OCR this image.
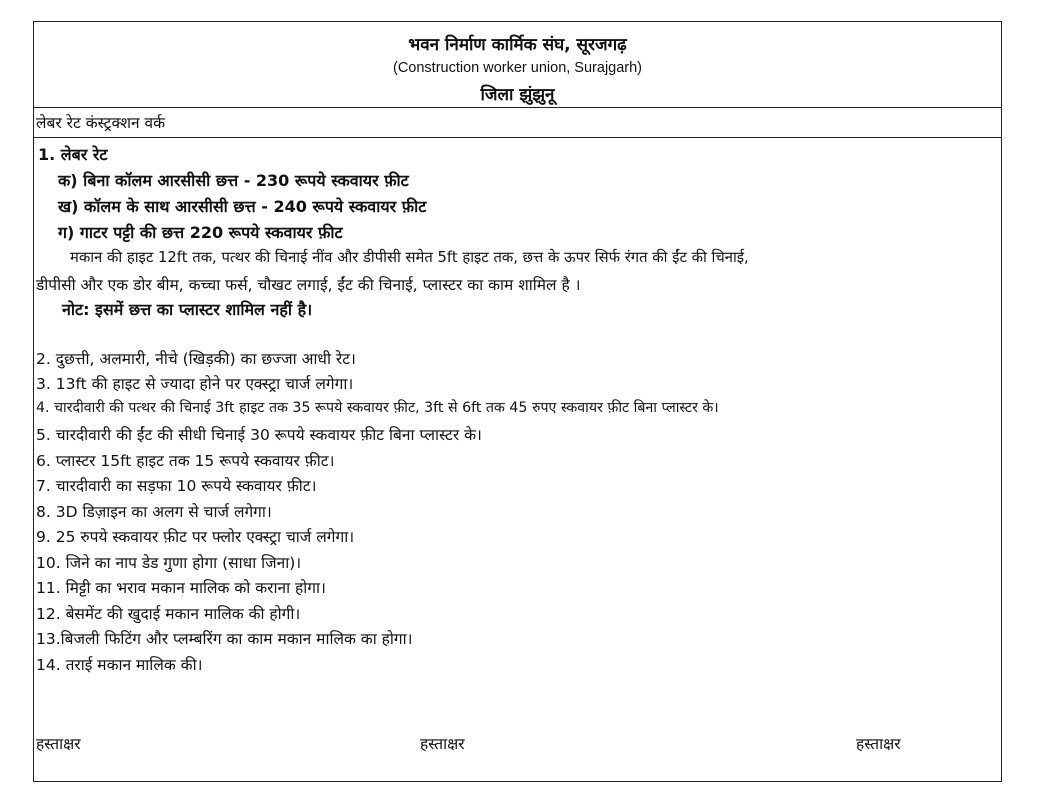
भवन निर्माण कार्मिक संघ, सूरजगढ़
(Construction worker union, Surajgarh)
जिला झुंझुनू
लेबर रेट कंस्ट्रक्शन वर्क
1. लेबर रेट
क) बिना कॉलम आरसीसी छत्त - 230 रूपये स्कवायर फ़ीट
ख) कॉलम के साथ आरसीसी छत्त - 240 रूपये स्कवायर फ़ीट
ग) गाटर पट्टी की छत्त 220 रूपये स्कवायर फ़ीट
मकान की हाइट 12ft तक, पत्थर की चिनाई नींव और डीपीसी समेत 5ft हाइट तक, छत्त के ऊपर सिर्फ रंगत की ईंट की चिनाई,
डीपीसी और एक डोर बीम, कच्चा फर्स, चौखट लगाई, ईंट की चिनाई, प्लास्टर का काम शामिल है ।
नोट: इसमें छत्त का प्लास्टर शामिल नहीं है।
2. दुछत्ती, अलमारी, नीचे (खिड़की) का छज्जा आधी रेट।
3. 13ft की हाइट से ज्यादा होने पर एक्स्ट्रा चार्ज लगेगा।
4. चारदीवारी की पत्थर की चिनाई 3ft हाइट तक 35 रूपये स्कवायर फ़ीट, 3ft से 6ft तक 45 रुपए स्कवायर फ़ीट बिना प्लास्टर के।
5. चारदीवारी की ईंट की सीधी चिनाई 30 रूपये स्कवायर फ़ीट बिना प्लास्टर के।
6. प्लास्टर 15ft हाइट तक 15 रूपये स्कवायर फ़ीट।
7. चारदीवारी का सड़फा 10 रूपये स्कवायर फ़ीट।
8. 3D डिज़ाइन का अलग से चार्ज लगेगा।
9. 25 रुपये स्कवायर फ़ीट पर फ्लोर एक्स्ट्रा चार्ज लगेगा।
10. जिने का नाप डेड गुणा होगा (साधा जिना)।
11. मिट्टी का भराव मकान मालिक को कराना होगा।
12. बेसमेंट की खुदाई मकान मालिक की होगी।
13.बिजली फिटिंग और प्लम्बरिंग का काम मकान मालिक का होगा।
14. तराई मकान मालिक की।
हस्ताक्षर	हस्ताक्षर	हस्ताक्षर
